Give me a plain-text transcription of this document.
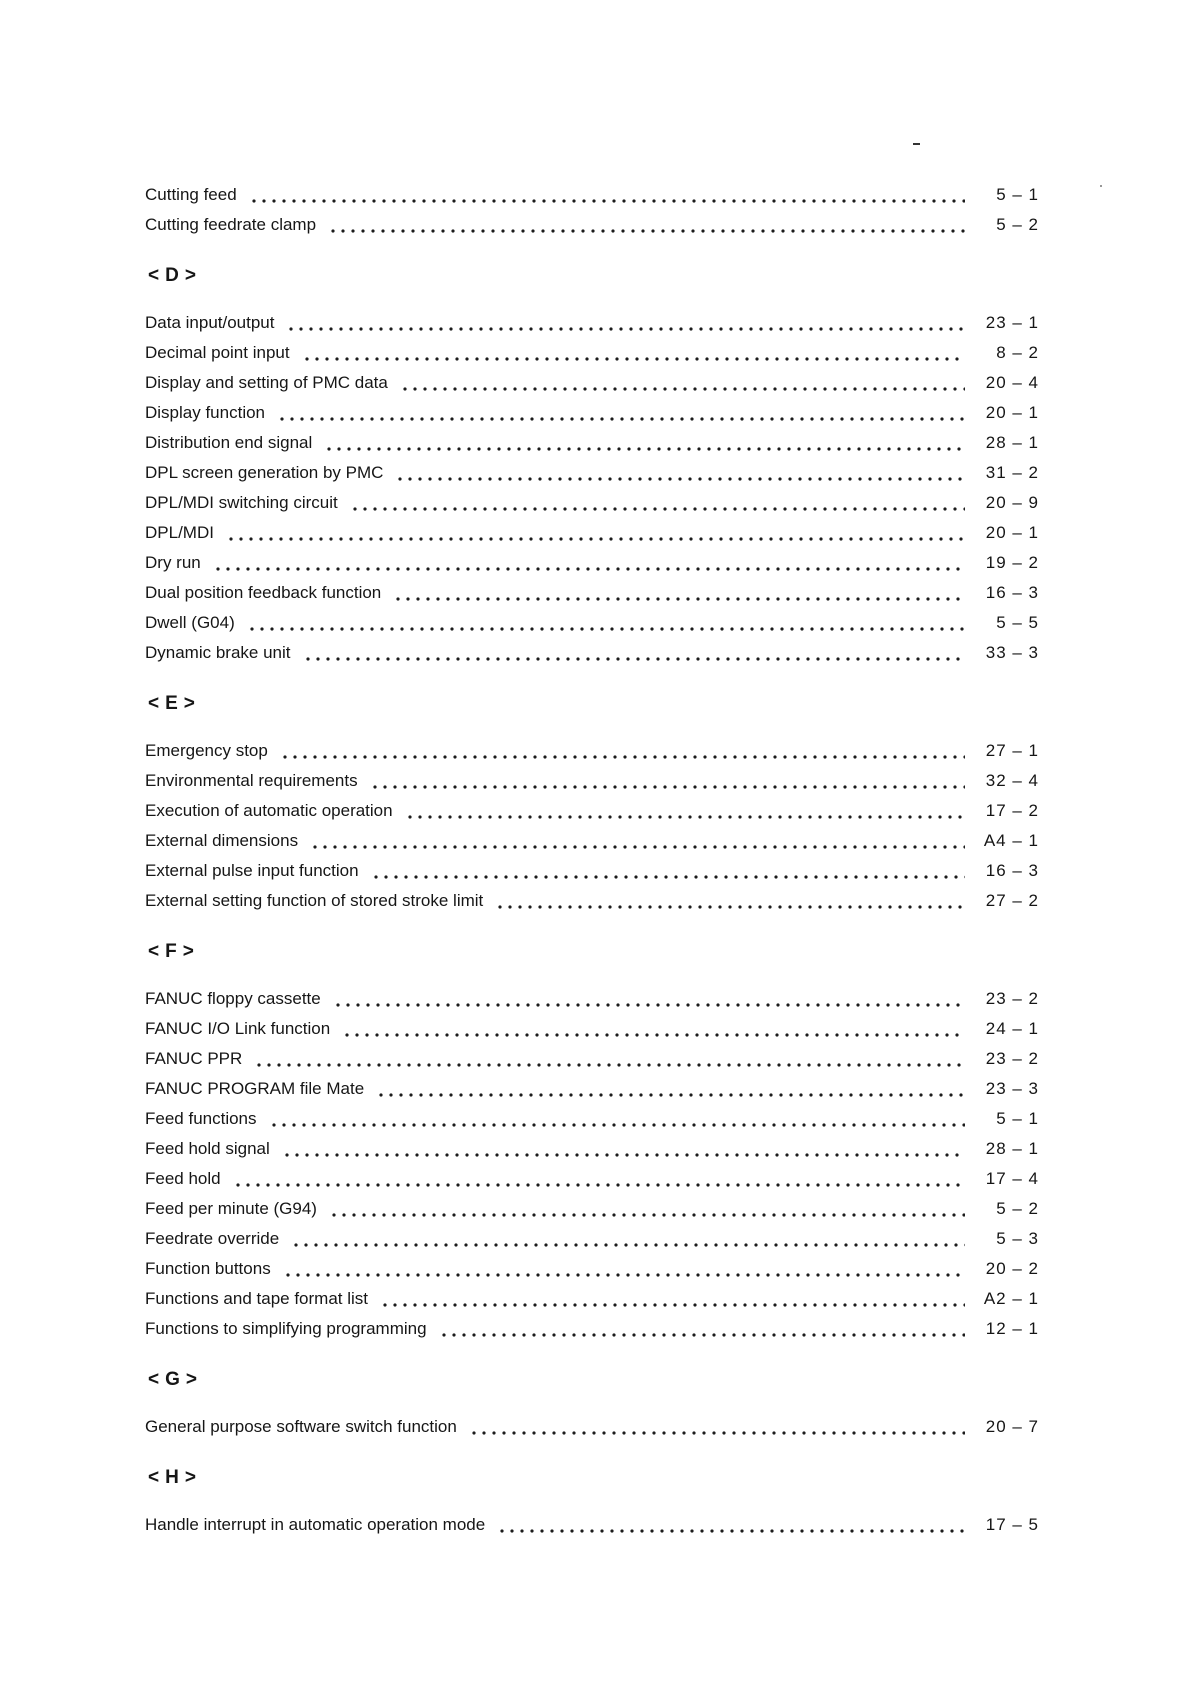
Cutting feed	5 – 1
Cutting feedrate clamp	5 – 2
<D>
Data input/output	23 – 1
Decimal point input	8 – 2
Display and setting of PMC data	20 – 4
Display function	20 – 1
Distribution end signal	28 – 1
DPL screen generation by PMC	31 – 2
DPL/MDI switching circuit	20 – 9
DPL/MDI	20 – 1
Dry run	19 – 2
Dual position feedback function	16 – 3
Dwell (G04)	5 – 5
Dynamic brake unit	33 – 3
<E>
Emergency stop	27 – 1
Environmental requirements	32 – 4
Execution of automatic operation	17 – 2
External dimensions	A4 – 1
External pulse input function	16 – 3
External setting function of stored stroke limit	27 – 2
<F>
FANUC floppy cassette	23 – 2
FANUC I/O Link function	24 – 1
FANUC PPR	23 – 2
FANUC PROGRAM file Mate	23 – 3
Feed functions	5 – 1
Feed hold signal	28 – 1
Feed hold	17 – 4
Feed per minute (G94)	5 – 2
Feedrate override	5 – 3
Function buttons	20 – 2
Functions and tape format list	A2 – 1
Functions to simplifying programming	12 – 1
<G>
General purpose software switch function	20 – 7
<H>
Handle interrupt in automatic operation mode	17 – 5
